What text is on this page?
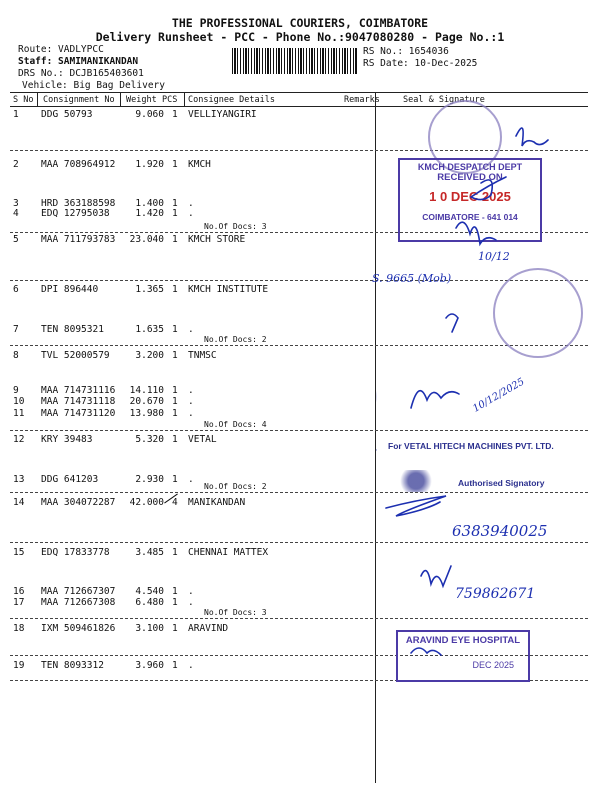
THE PROFESSIONAL COURIERS, COIMBATORE
Delivery Runsheet - PCC - Phone No.:9047080280 - Page No.:1
Route: VADLYPCC
Staff: SAMIMANIKANDAN
DRS No.: DCJB165403601
Vehicle: Big Bag Delivery
RS No.: 1654036
RS Date: 10-Dec-2025
S No Consignment No Weight PCS Consignee Details	Remarks	Seal & Signature
1 DDG 50793	9.060 1 VELLIYANGIRI
2 MAA 708964912	1.920 1 KMCH
3 HRD 363188598	1.400 1 .
4 EDQ 12795038	1.420 1 .
5 MAA 711793783	23.040 1 KMCH STORE
6 DPI 896440	1.365 1 KMCH INSTITUTE
7 TEN 8095321	1.635 1 .
8 TVL 52000579	3.200 1 TNMSC
9 MAA 714731116	14.110 1 .
10 MAA 714731118	20.670 1 .
11 MAA 714731120	13.980 1 .
12 KRY 39483	5.320 1 VETAL
13 DDG 641203	2.930 1 .
14 MAA 304072287	42.000 4 MANIKANDAN
15 EDQ 17833778	3.485 1 CHENNAI MATTEX
16 MAA 712667307	4.540 1 .
17 MAA 712667308	6.480 1 .
18 IXM 509461826	3.100 1 ARAVIND
19 TEN 8093312	3.960 1 .
No.Of Docs: 3
No.Of Docs: 2
No.Of Docs: 4
No.Of Docs: 2
No.Of Docs: 3
KMCH DESPATCH DEPT
RECEIVED ON
1 0 DEC 2025
COIMBATORE - 641 014
For VETAL HITECH MACHINES PVT. LTD.
Authorised Signatory
ARAVIND EYE HOSPITAL
DEC 2025
10/12
S. 9665 (Mob)
10/12/2025
6383940025
759862671
